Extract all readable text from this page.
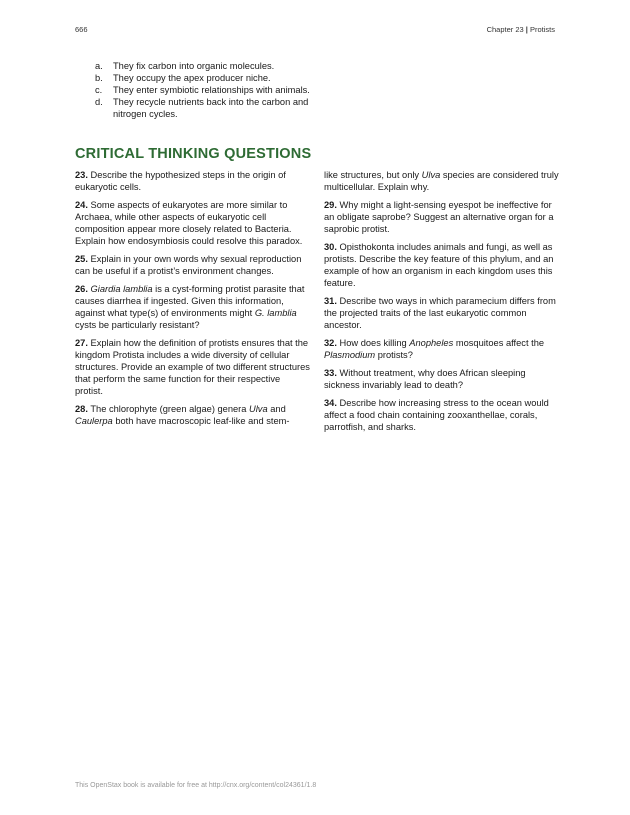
666	Chapter 23 | Protists
a.	They fix carbon into organic molecules.
b.	They occupy the apex producer niche.
c.	They enter symbiotic relationships with animals.
d.	They recycle nutrients back into the carbon and nitrogen cycles.
CRITICAL THINKING QUESTIONS

23. Describe the hypothesized steps in the origin of eukaryotic cells.

24. Some aspects of eukaryotes are more similar to Archaea, while other aspects of eukaryotic cell composition appear more closely related to Bacteria. Explain how endosymbiosis could resolve this paradox.

25. Explain in your own words why sexual reproduction can be useful if a protist’s environment changes.

26. Giardia lamblia is a cyst-forming protist parasite that causes diarrhea if ingested. Given this information, against what type(s) of environments might G. lamblia cysts be particularly resistant?

27. Explain how the definition of protists ensures that the kingdom Protista includes a wide diversity of cellular structures. Provide an example of two different structures that perform the same function for their respective protist.

28. The chlorophyte (green algae) genera Ulva and Caulerpa both have macroscopic leaf-like and stem-

like structures, but only Ulva species are considered truly multicellular. Explain why.

29. Why might a light-sensing eyespot be ineffective for an obligate saprobe? Suggest an alternative organ for a saprobic protist.

30. Opisthokonta includes animals and fungi, as well as protists. Describe the key feature of this phylum, and an example of how an organism in each kingdom uses this feature.

31. Describe two ways in which paramecium differs from the projected traits of the last eukaryotic common ancestor.

32. How does killing Anopheles mosquitoes affect the Plasmodium protists?

33. Without treatment, why does African sleeping sickness invariably lead to death?

34. Describe how increasing stress to the ocean would affect a food chain containing zooxanthellae, corals, parrotfish, and sharks.

This OpenStax book is available for free at http://cnx.org/content/col24361/1.8
